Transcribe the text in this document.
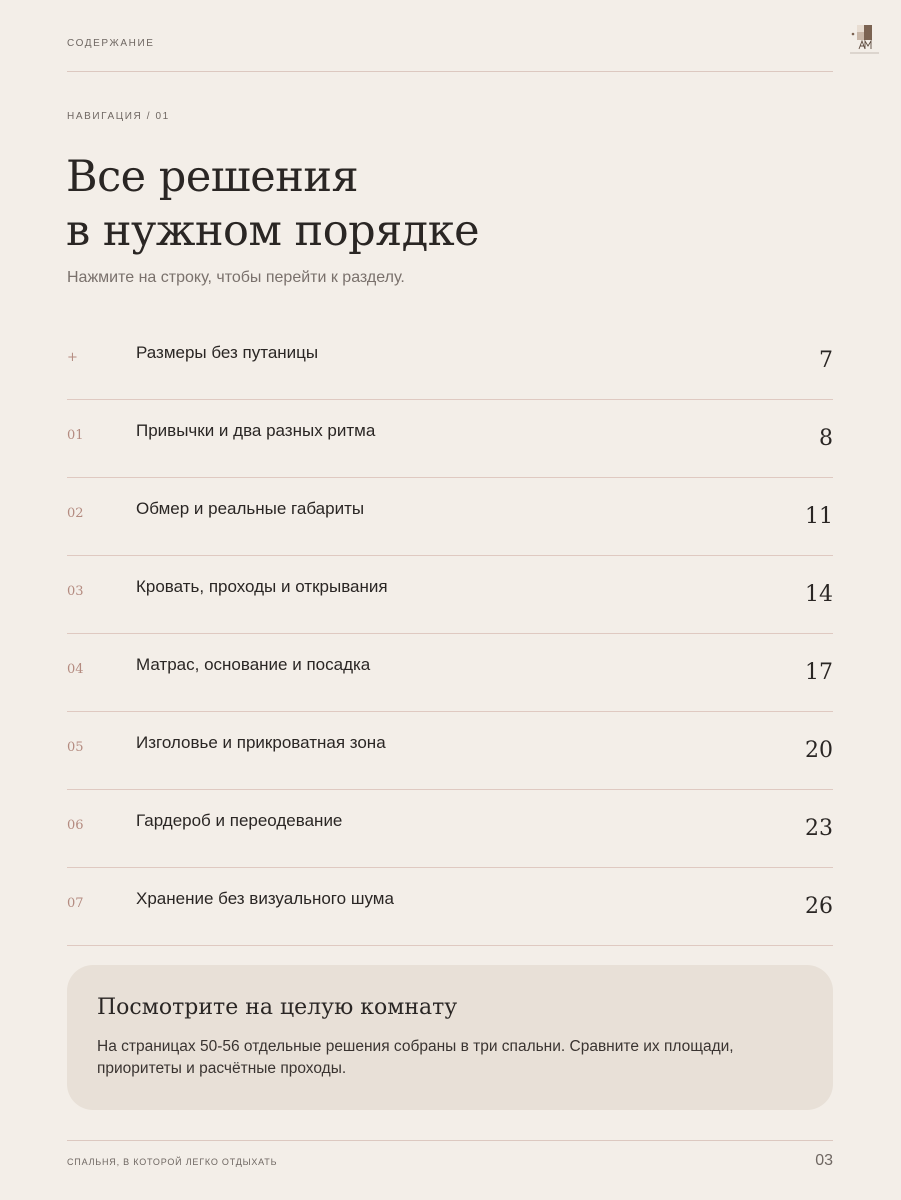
СОДЕРЖАНИЕ
НАВИГАЦИЯ / 01
Все решения
в нужном порядке
Нажмите на строку, чтобы перейти к разделу.
+	Размеры без путаницы	7
01	Привычки и два разных ритма	8
02	Обмер и реальные габариты	11
03	Кровать, проходы и открывания	14
04	Матрас, основание и посадка	17
05	Изголовье и прикроватная зона	20
06	Гардероб и переодевание	23
07	Хранение без визуального шума	26
Посмотрите на целую комнату

На страницах 50-56 отдельные решения собраны в три спальни. Сравните их площади, приоритеты и расчётные проходы.

СПАЛЬНЯ, В КОТОРОЙ ЛЕГКО ОТДЫХАТЬ	03
